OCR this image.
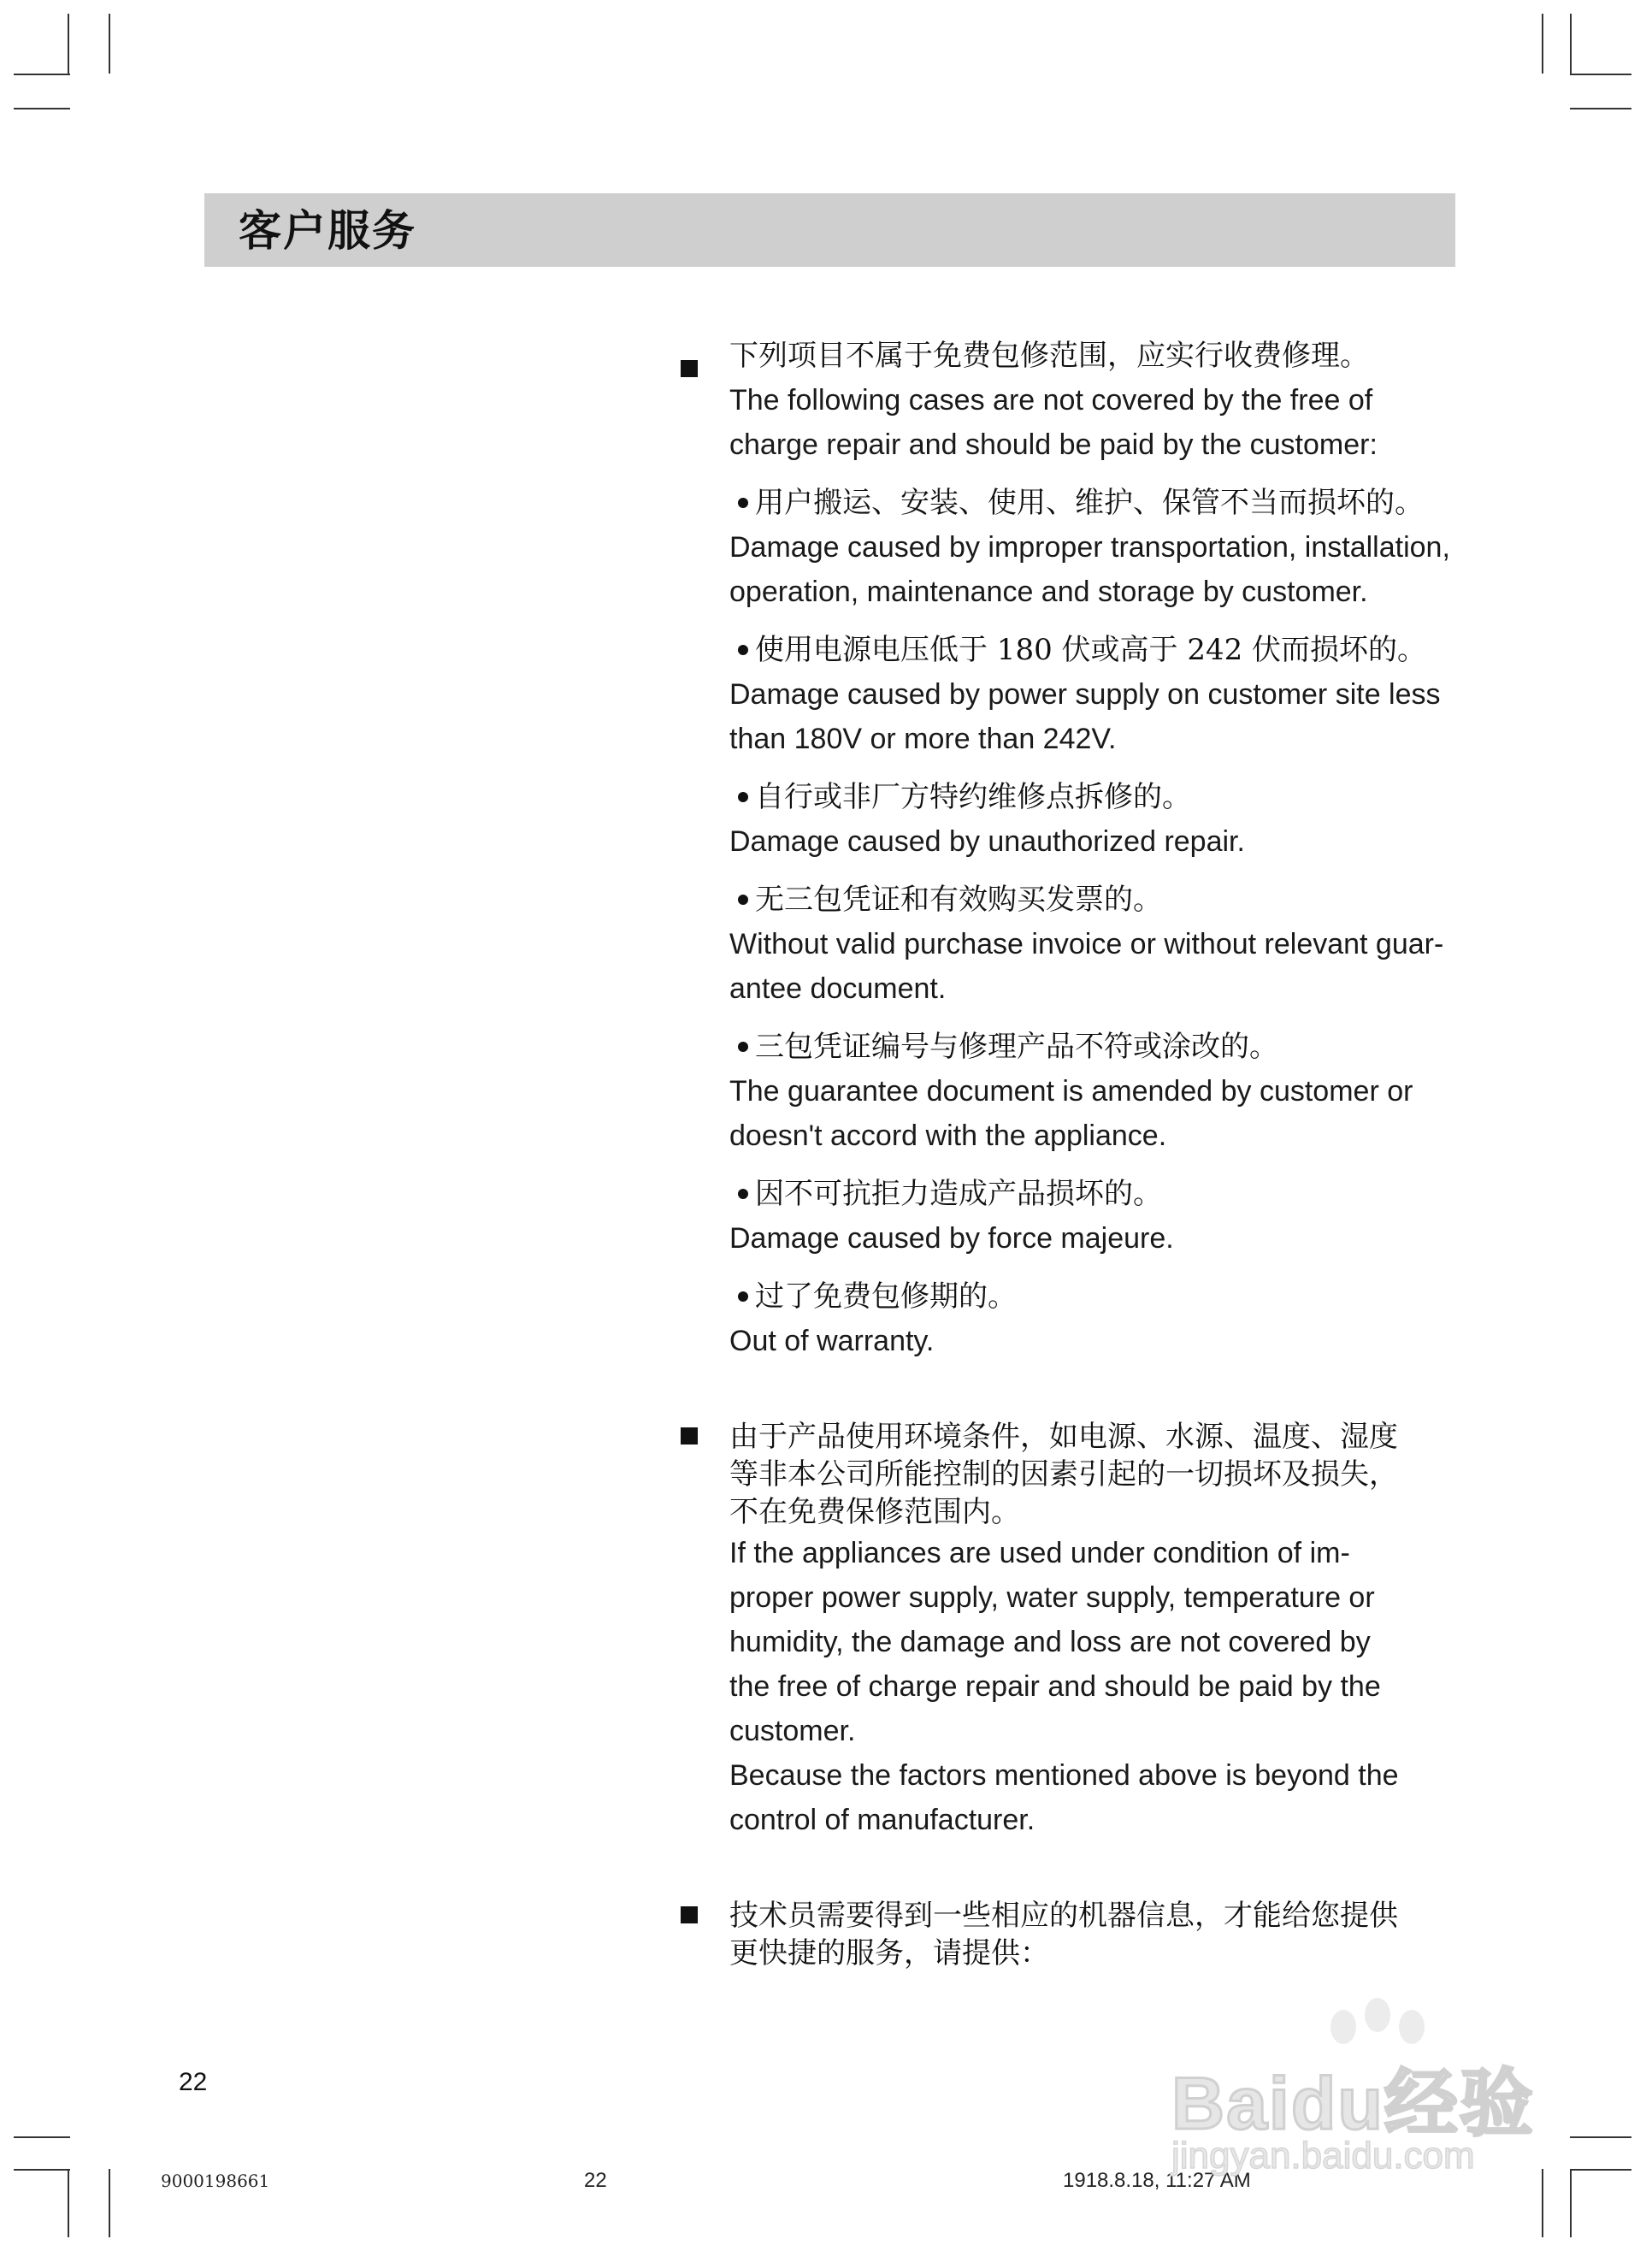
客户服务
下列项目不属于免费包修范围，应实行收费修理。
The following cases are not covered by the free of
charge repair and should be paid by the customer:
用户搬运、安装、使用、维护、保管不当而损坏的。
Damage caused by improper transportation, installation,
operation, maintenance and storage by customer.
使用电源电压低于 180 伏或高于 242 伏而损坏的。
Damage caused by power supply on customer site less
than 180V or more than 242V.
自行或非厂方特约维修点拆修的。
Damage caused by unauthorized repair.
无三包凭证和有效购买发票的。
Without valid purchase invoice or without relevant guar-
antee document.
三包凭证编号与修理产品不符或涂改的。
The guarantee document is amended by customer or
doesn't accord with the appliance.
因不可抗拒力造成产品损坏的。
Damage caused by force majeure.
过了免费包修期的。
Out of warranty.
由于产品使用环境条件，如电源、水源、温度、湿度
等非本公司所能控制的因素引起的一切损坏及损失，
不在免费保修范围内。
If the appliances are used under condition of im-
proper power supply, water supply, temperature or
humidity, the damage and loss are not covered by
the free of charge repair and should be paid by the
customer.
Because the factors mentioned above is beyond the
control of manufacturer.
技术员需要得到一些相应的机器信息，才能给您提供
更快捷的服务，请提供：
22
9000198661	22	1918.8.18, 11:27 AM
Baidu经验
jingyan.baidu.com
